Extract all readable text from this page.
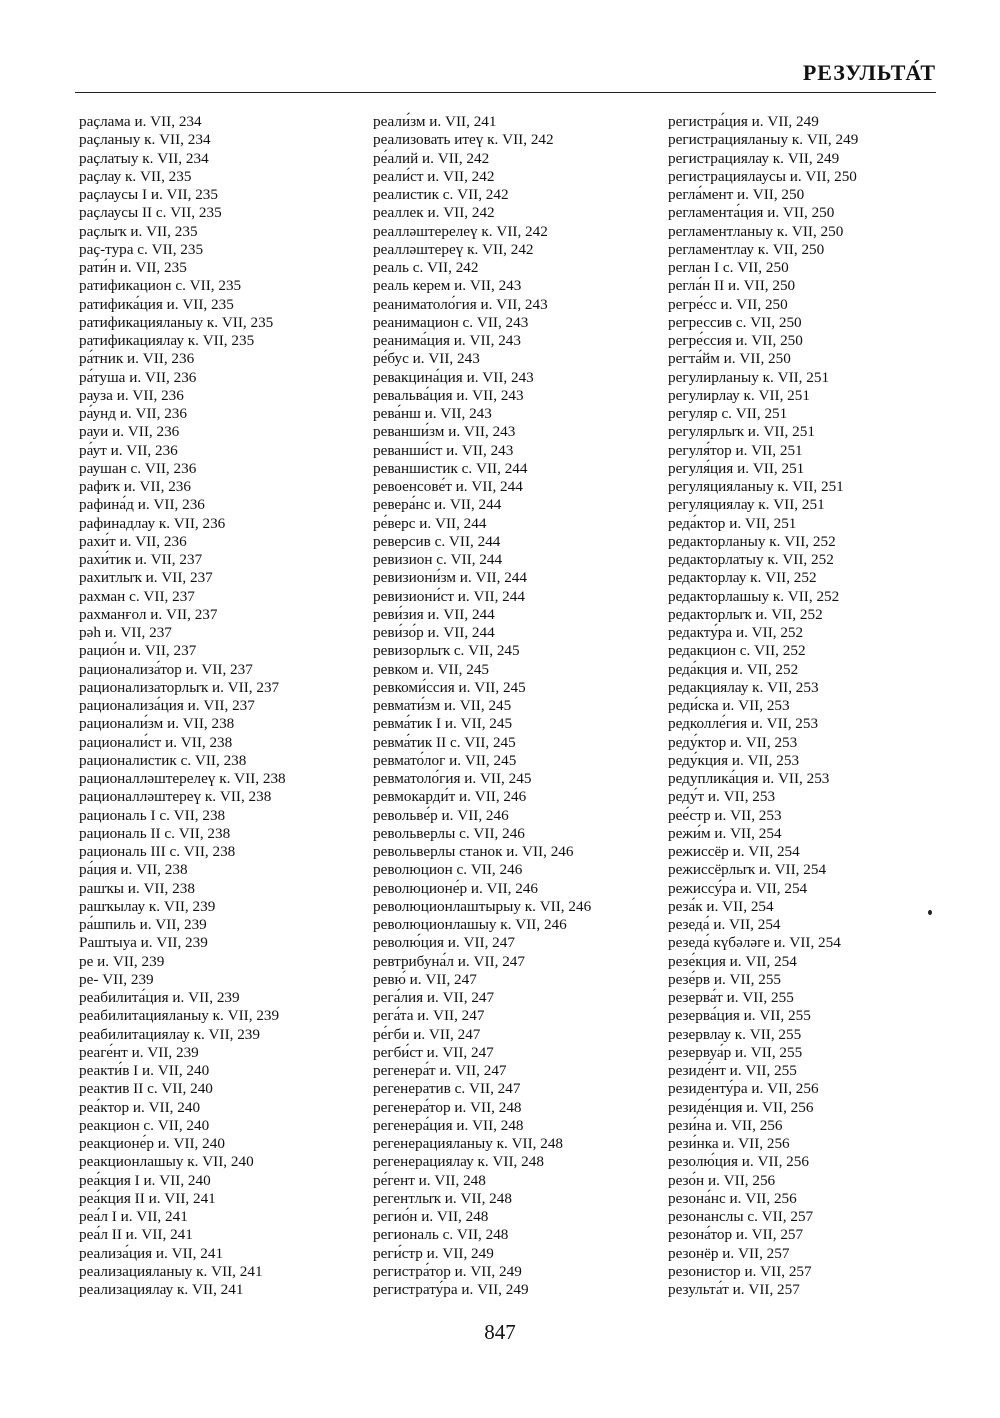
РЕЗУЛЬТА́Т
раҫлама и. VII, 234
раҫланыу к. VII, 234
раҫлатыу к. VII, 234
раҫлау к. VII, 235
раҫлаусы I и. VII, 235
раҫлаусы II с. VII, 235
раҫлыҡ и. VII, 235
раҫ-тура с. VII, 235
рати́н и. VII, 235
ратификацион с. VII, 235
ратифика́ция и. VII, 235
ратификацияланыу к. VII, 235
ратификациялау к. VII, 235
ра́тник и. VII, 236
ра́туша и. VII, 236
рауза и. VII, 236
ра́унд и. VII, 236
рауи и. VII, 236
ра́ут и. VII, 236
раушан с. VII, 236
рафиҡ и. VII, 236
рафина́д и. VII, 236
рафинадлау к. VII, 236
рахи́т и. VII, 236
рахи́тик и. VII, 237
рахитлыҡ и. VII, 237
рахман с. VII, 237
рахманғол и. VII, 237
рәһ и. VII, 237
рацио́н и. VII, 237
рационализа́тор и. VII, 237
рационализаторлыҡ и. VII, 237
рационализа́ция и. VII, 237
рационали́зм и. VII, 238
рационали́ст и. VII, 238
рационалистик с. VII, 238
рационалләштерелеү к. VII, 238
рационалләштереү к. VII, 238
рациональ I с. VII, 238
рациональ II с. VII, 238
рациональ III с. VII, 238
ра́ция и. VII, 238
рашҡы и. VII, 238
рашҡылау к. VII, 239
ра́шпиль и. VII, 239
Раштыуа и. VII, 239
ре и. VII, 239
ре- VII, 239
реабилита́ция и. VII, 239
реабилитацияланыу к. VII, 239
реабилитациялау к. VII, 239
реаге́нт и. VII, 239
реакти́в I и. VII, 240
реактив II с. VII, 240
реа́ктор и. VII, 240
реакцион с. VII, 240
реакционе́р и. VII, 240
реакционлашыу к. VII, 240
реа́кция I и. VII, 240
реа́кция II и. VII, 241
реа́л I и. VII, 241
реа́л II и. VII, 241
реализа́ция и. VII, 241
реализацияланыу к. VII, 241
реализациялау к. VII, 241
реали́зм и. VII, 241
реализовать итеү к. VII, 242
ре́алий и. VII, 242
реали́ст и. VII, 242
реалистик с. VII, 242
реаллек и. VII, 242
реалләштерелеү к. VII, 242
реалләштереү к. VII, 242
реаль с. VII, 242
реаль керем и. VII, 243
реаниматоло́гия и. VII, 243
реанимацион с. VII, 243
реанима́ция и. VII, 243
ре́бус и. VII, 243
ревакцина́ция и. VII, 243
ревальва́ция и. VII, 243
рева́нш и. VII, 243
реванши́зм и. VII, 243
реванши́ст и. VII, 243
реваншистик с. VII, 244
ревоенсове́т и. VII, 244
ревера́нс и. VII, 244
ре́верс и. VII, 244
реверсив с. VII, 244
ревизион с. VII, 244
ревизиони́зм и. VII, 244
ревизиони́ст и. VII, 244
реви́зия и. VII, 244
реви́зо́р и. VII, 244
ревизорлыҡ с. VII, 245
ревком и. VII, 245
ревкоми́ссия и. VII, 245
ревмати́зм и. VII, 245
ревма́тик I и. VII, 245
ревма́тик II с. VII, 245
ревмато́лог и. VII, 245
ревматоло́гия и. VII, 245
ревмокарди́т и. VII, 246
револьве́р и. VII, 246
револьверлы с. VII, 246
револьверлы станок и. VII, 246
революцион с. VII, 246
революционе́р и. VII, 246
революционлаштырыу к. VII, 246
революционлашыу к. VII, 246
револю́ция и. VII, 247
ревтрибуна́л и. VII, 247
ревю́ и. VII, 247
рега́лия и. VII, 247
рега́та и. VII, 247
ре́гби и. VII, 247
регби́ст и. VII, 247
регенера́т и. VII, 247
регенератив с. VII, 247
регенера́тор и. VII, 248
регенера́ция и. VII, 248
регенерацияланыу к. VII, 248
регенерациялау к. VII, 248
ре́гент и. VII, 248
регентлыҡ и. VII, 248
регио́н и. VII, 248
региональ с. VII, 248
реги́стр и. VII, 249
регистра́тор и. VII, 249
регистрату́ра и. VII, 249
регистра́ция и. VII, 249
регистрацияланыу к. VII, 249
регистрациялау к. VII, 249
регистрациялаусы и. VII, 250
регла́мент и. VII, 250
регламента́ция и. VII, 250
регламентланыу к. VII, 250
регламентлау к. VII, 250
реглан I с. VII, 250
регла́н II и. VII, 250
регре́сс и. VII, 250
регрессив с. VII, 250
регре́ссия и. VII, 250
регта́йм и. VII, 250
регулирланыу к. VII, 251
регулирлау к. VII, 251
регуляр с. VII, 251
регулярлыҡ и. VII, 251
регуля́тор и. VII, 251
регуля́ция и. VII, 251
регуляцияланыу к. VII, 251
регуляциялау к. VII, 251
реда́ктор и. VII, 251
редакторланыу к. VII, 252
редакторлатыу к. VII, 252
редакторлау к. VII, 252
редакторлашыу к. VII, 252
редакторлыҡ и. VII, 252
редакту́ра и. VII, 252
редакцион с. VII, 252
реда́кция и. VII, 252
редакциялау к. VII, 253
реди́ска и. VII, 253
редколле́гия и. VII, 253
реду́ктор и. VII, 253
реду́кция и. VII, 253
редуплика́ция и. VII, 253
реду́т и. VII, 253
рее́стр и. VII, 253
режи́м и. VII, 254
режиссёр и. VII, 254
режиссёрлыҡ и. VII, 254
режиссу́ра и. VII, 254
реза́к и. VII, 254
резеда́ и. VII, 254
резеда́ күбәләге и. VII, 254
резе́кция и. VII, 254
резе́рв и. VII, 255
резерва́т и. VII, 255
резерва́ция и. VII, 255
резервлау к. VII, 255
резервуа́р и. VII, 255
резиде́нт и. VII, 255
резиденту́ра и. VII, 256
резиде́нция и. VII, 256
рези́на и. VII, 256
рези́нка и. VII, 256
резолю́ция и. VII, 256
резо́н и. VII, 256
резона́нс и. VII, 256
резонанслы с. VII, 257
резона́тор и. VII, 257
резонёр и. VII, 257
резонистор и. VII, 257
результа́т и. VII, 257
847
